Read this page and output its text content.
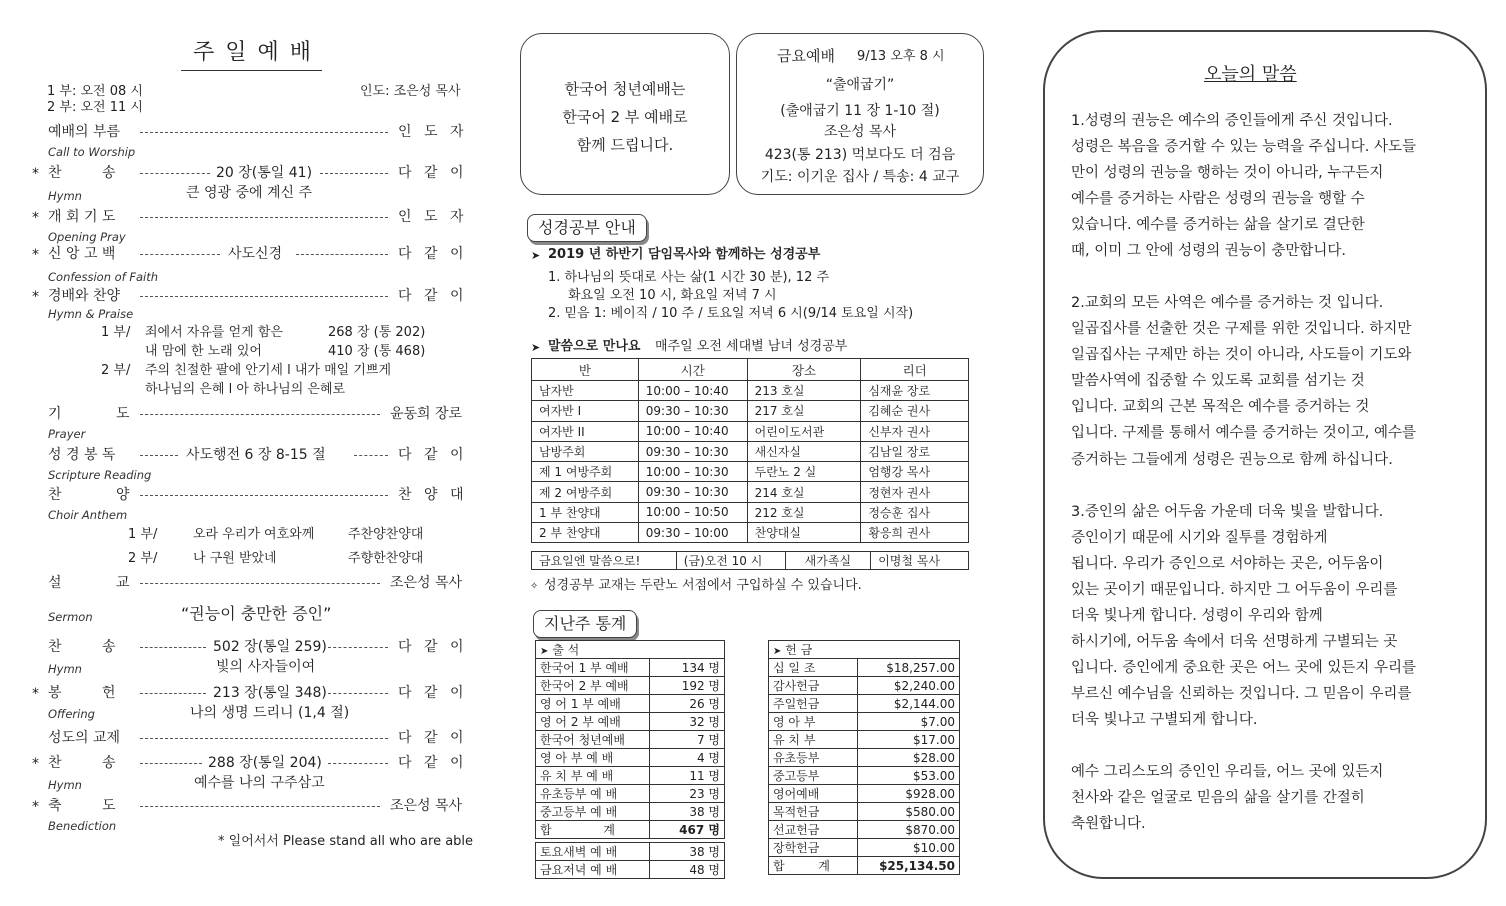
주 일 예 배
1 부: 오전 08 시
2 부: 오전 11 시
인도: 조은성 목사
예배의 부름	인 도 자
Call to Worship
* 찬 송	20 장(통일 41)	다 같 이
Hymn	큰 영광 중에 계신 주
* 개 회 기 도	인 도 자
Opening Pray
* 신 앙 고 백	사도신경	다 같 이
Confession of Faith
* 경배와 찬양	다 같 이
Hymn & Praise
1 부/ 죄에서 자유를 얻게 함은	268 장 (통 202)
내 맘에 한 노래 있어	410 장 (통 468)
2 부/ 주의 친절한 팔에 안기세 l 내가 매일 기쁘게
하나님의 은혜 l 아 하나님의 은혜로
기 도	윤동희 장로
Prayer
성 경 봉 독	사도행전 6 장 8-15 절	다 같 이
Scripture Reading
찬 양	찬 양 대
Choir Anthem
1 부/	오라 우리가 여호와께	주찬양찬양대
2 부/	나 구원 받았네	주향한찬양대
설 교	조은성 목사
Sermon	“권능이 충만한 증인”
찬 송	502 장(통일 259)	다 같 이
Hymn	빛의 사자들이여
* 봉 헌	213 장(통일 348)	다 같 이
Offering	나의 생명 드리니 (1,4 절)
성도의 교제	다 같 이
* 찬 송	288 장(통일 204)	다 같 이
Hymn	예수를 나의 구주삼고
* 축 도	조은성 목사
Benediction
* 일어서서 Please stand all who are able
한국어 청년예배는
한국어 2 부 예배로
함께 드립니다.
금요예배 9/13 오후 8 시
“출애굽기”
(출애굽기 11 장 1-10 절)
조은성 목사
423(통 213) 먹보다도 더 검음
기도: 이기운 집사 / 특송: 4 교구
성경공부 안내
➤ 2019 년 하반기 담임목사와 함께하는 성경공부
1. 하나님의 뜻대로 사는 삶(1 시간 30 분), 12 주
화요일 오전 10 시, 화요일 저녁 7 시
2. 믿음 1: 베이직 / 10 주 / 토요일 저녁 6 시(9/14 토요일 시작)
➤ 말씀으로 만나요 매주일 오전 세대별 남녀 성경공부
반	시간	장소	리더
남자반	10:00 – 10:40	213 호실	심재윤 장로
여자반 I	09:30 – 10:30	217 호실	김혜순 권사
여자반 II	10:00 – 10:40	어린이도서관	신부자 권사
남방주회	09:30 – 10:30	새신자실	김남일 장로
제 1 여방주회	10:00 – 10:30	두란노 2 실	엄행강 목사
제 2 여방주회	09:30 – 10:30	214 호실	정현자 권사
1 부 찬양대	10:00 – 10:50	212 호실	정승훈 집사
2 부 찬양대	09:30 – 10:00	찬양대실	황응희 권사
금요일엔 말씀으로!	(금)오전 10 시	새가족실	이명철 목사
✧ 성경공부 교재는 두란노 서점에서 구입하실 수 있습니다.
지난주 통계
➤ 출 석	
한국어 1 부 예배	134 명
한국어 2 부 예배	192 명
영 어 1 부 예배	26 명
영 어 2 부 예배	32 명
한국어 청년예배	7 명
영 아 부 예 배	4 명
유 치 부 예 배	11 명
유초등부 예 배	23 명
중고등부 예 배	38 명
합 계	467 명
토요새벽 예 배	38 명
금요저녁 예 배	48 명
➤ 헌 금	
십 일 조	$18,257.00
감사헌금	$2,240.00
주일헌금	$2,144.00
영 아 부	$7.00
유 치 부	$17.00
유초등부	$28.00
중고등부	$53.00
영어예배	$928.00
목적헌금	$580.00
선교헌금	$870.00
장학헌금	$10.00
합 계	$25,134.50
오늘의 말씀
1.성령의 권능은 예수의 증인들에게 주신 것입니다.
성령은 복음을 증거할 수 있는 능력을 주십니다. 사도들
만이 성령의 권능을 행하는 것이 아니라, 누구든지
예수를 증거하는 사람은 성령의 권능을 행할 수
있습니다. 예수를 증거하는 삶을 살기로 결단한
때, 이미 그 안에 성령의 권능이 충만합니다.
2.교회의 모든 사역은 예수를 증거하는 것 입니다.
일곱집사를 선출한 것은 구제를 위한 것입니다. 하지만
일곱집사는 구제만 하는 것이 아니라, 사도들이 기도와
말씀사역에 집중할 수 있도록 교회를 섬기는 것
입니다. 교회의 근본 목적은 예수를 증거하는 것
입니다. 구제를 통해서 예수를 증거하는 것이고, 예수를
증거하는 그들에게 성령은 권능으로 함께 하십니다.
3.증인의 삶은 어두움 가운데 더욱 빛을 발합니다.
증인이기 때문에 시기와 질투를 경험하게
됩니다. 우리가 증인으로 서야하는 곳은, 어두움이
있는 곳이기 때문입니다. 하지만 그 어두움이 우리를
더욱 빛나게 합니다. 성령이 우리와 함께
하시기에, 어두움 속에서 더욱 선명하게 구별되는 곳
입니다. 증인에게 중요한 곳은 어느 곳에 있든지 우리를
부르신 예수님을 신뢰하는 것입니다. 그 믿음이 우리를
더욱 빛나고 구별되게 합니다.
예수 그리스도의 증인인 우리들, 어느 곳에 있든지
천사와 같은 얼굴로 믿음의 삶을 살기를 간절히
축원합니다.
